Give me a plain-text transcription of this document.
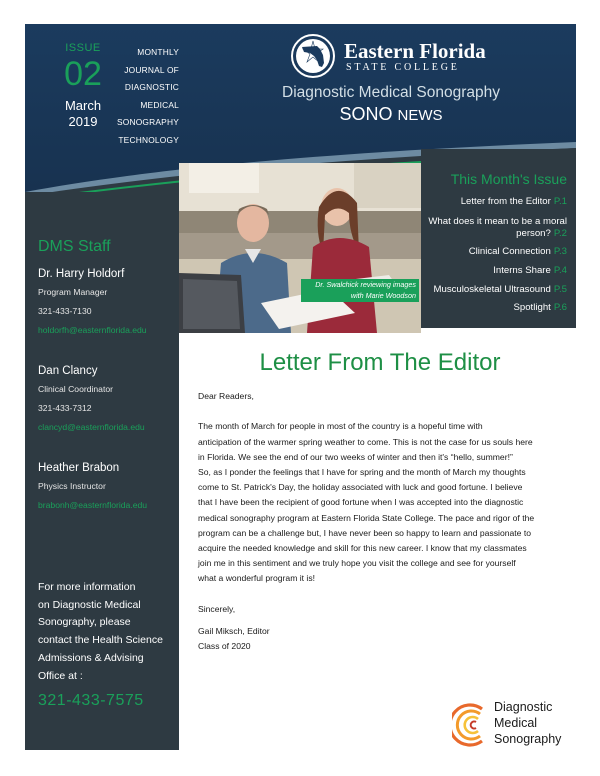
ISSUE
02
March
2019
MONTHLY
JOURNAL OF
DIAGNOSTIC
MEDICAL
SONOGRAPHY
TECHNOLOGY
Eastern Florida
STATE COLLEGE
Diagnostic Medical Sonography
SONO NEWS
DMS Staff
Dr. Harry Holdorf
Program Manager
321-433-7130
holdorfh@easternflorida.edu
Dan Clancy
Clinical Coordinator
321-433-7312
clancyd@easternflorida.edu
Heather Brabon
Physics Instructor
brabonh@easternflorida.edu
For more information
on Diagnostic Medical
Sonography, please
contact the Health Science
Admissions & Advising
Office at :
321-433-7575
Dr. Swalchick reviewing images
with Marie Woodson
This Month's Issue
Letter from the Editor P.1
What does it mean to be a moral person? P.2
Clinical Connection P.3
Interns Share P.4
Musculoskeletal Ultrasound P.5
Spotlight P.6
Letter From The Editor

Dear Readers,

The month of March for people in most of the country is a hopeful time with
anticipation of the warmer spring weather to come. This is not the case for us souls here
in Florida. We see the end of our two weeks of winter and then it's “hello, summer!”
So, as I ponder the feelings that I have for spring and the month of March my thoughts
come to St. Patrick's Day, the holiday associated with luck and good fortune. I believe
that I have been the recipient of good fortune when I was accepted into the diagnostic
medical sonography program at Eastern Florida State College. The pace and rigor of the
program can be a challenge but, I have never been so happy to learn and passionate to
acquire the needed knowledge and skill for this new career. I know that my classmates
join me in this sentiment and we truly hope you visit the college and see for yourself
what a wonderful program it is!

Sincerely,

Gail Miksch, Editor

Class of 2020

Diagnostic
Medical
Sonography
